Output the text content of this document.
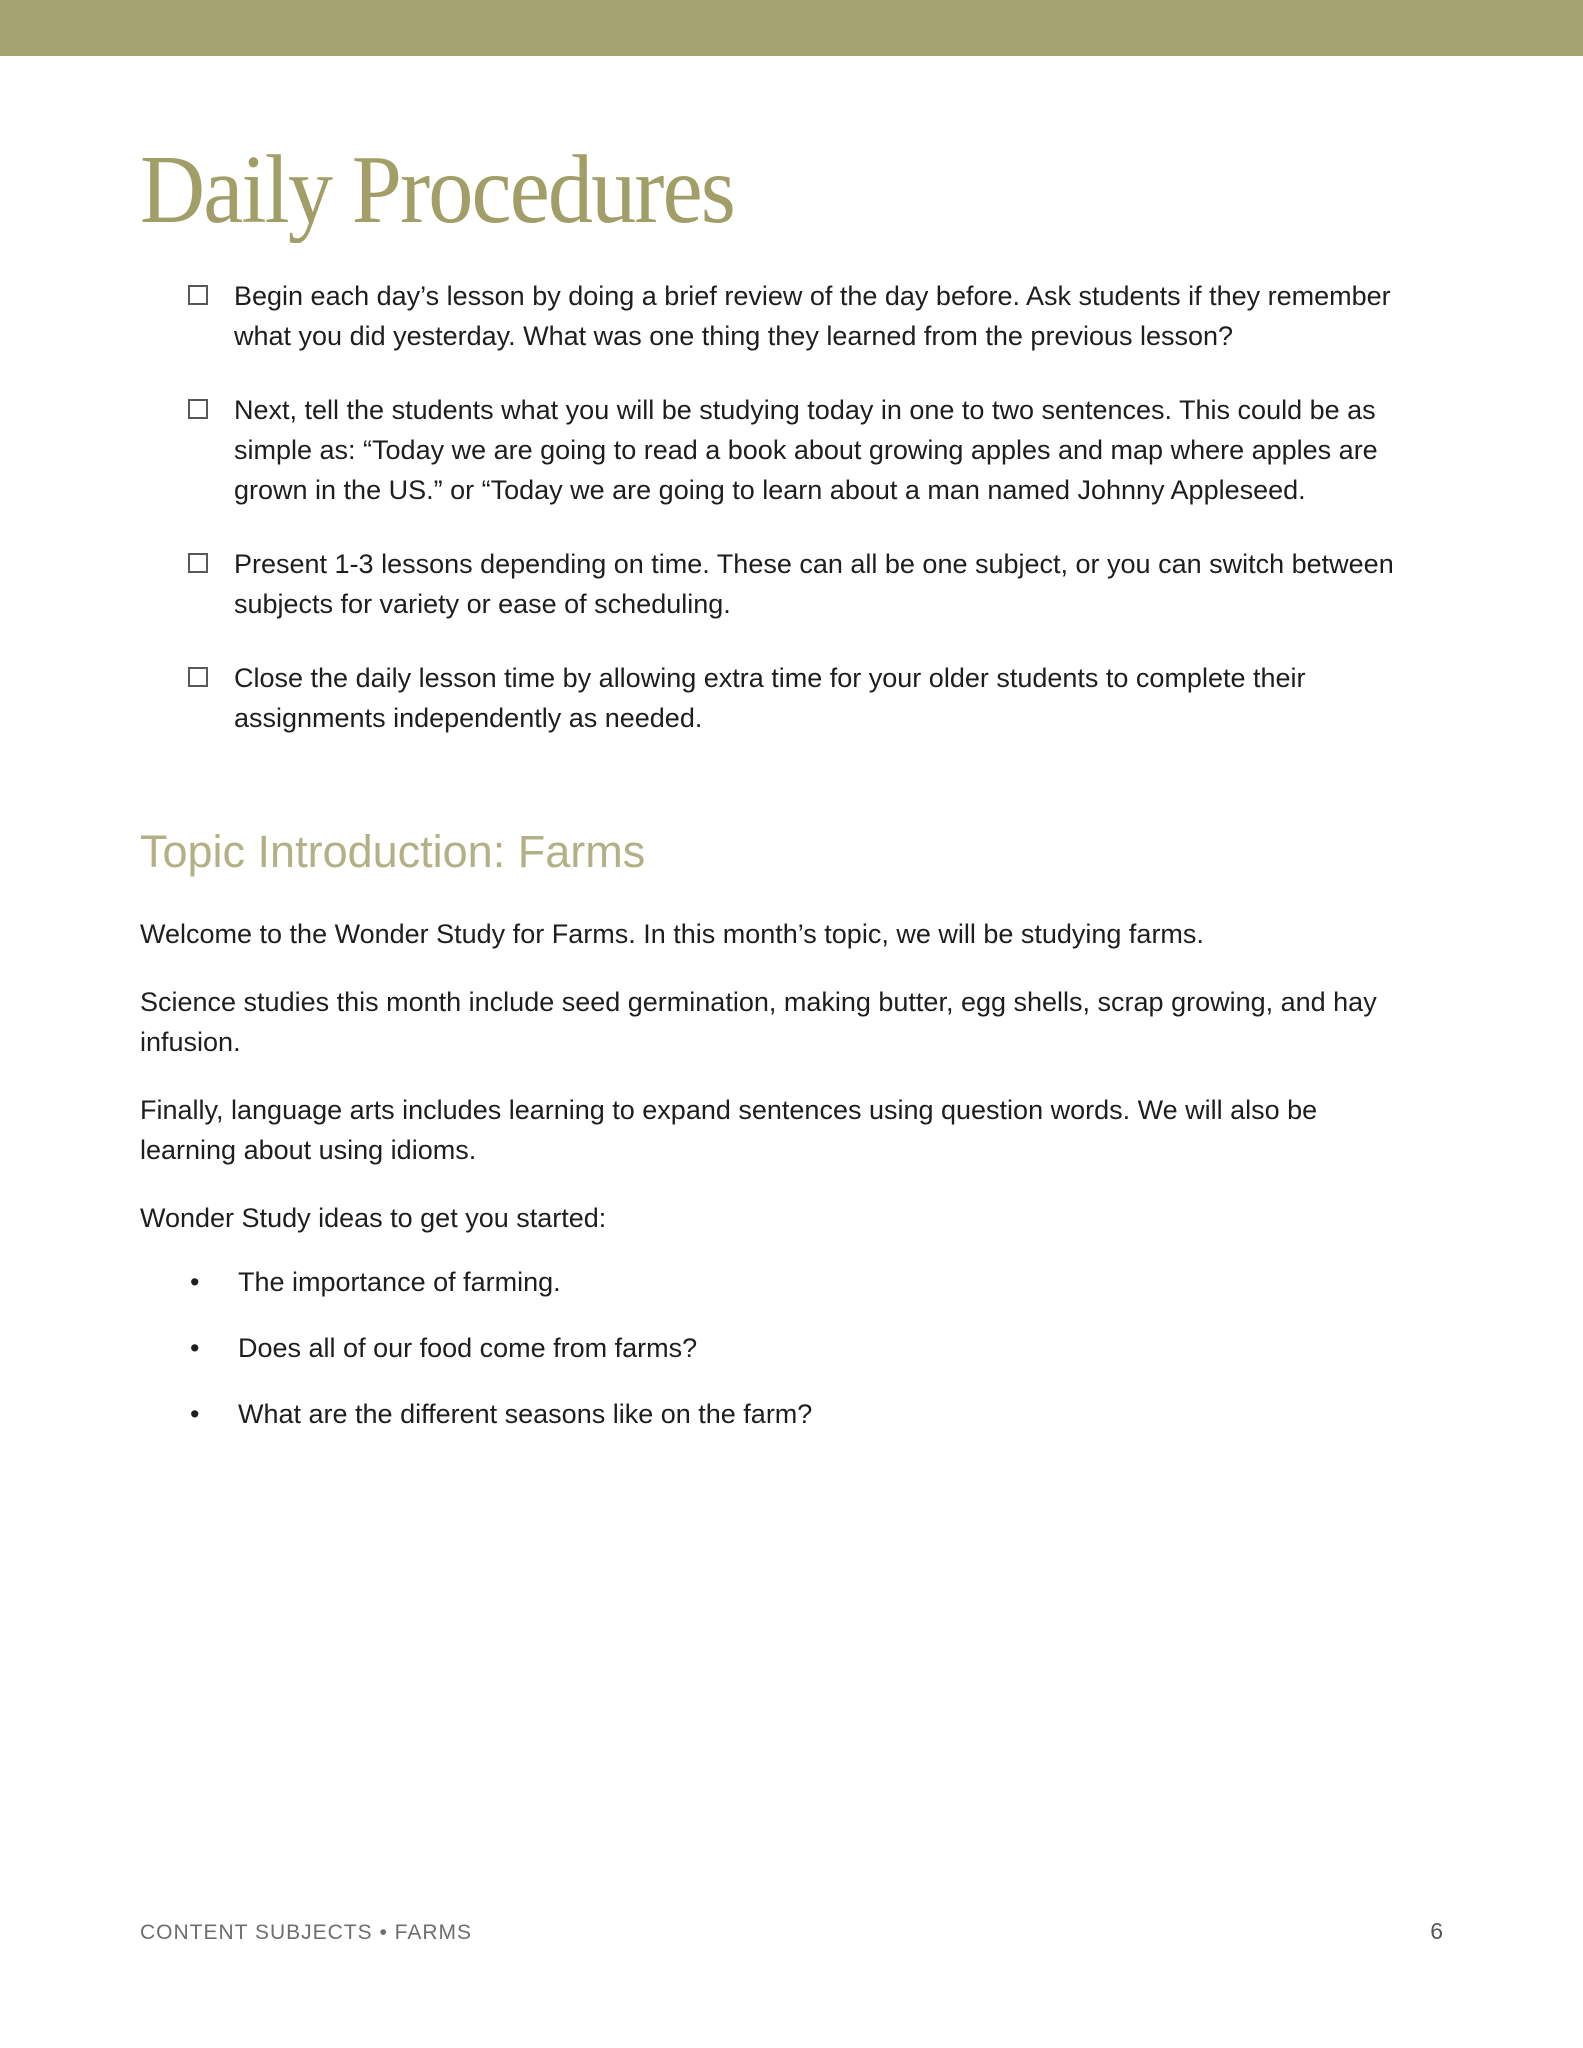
Daily Procedures
Begin each day’s lesson by doing a brief review of the day before. Ask students if they remember what you did yesterday. What was one thing they learned from the previous lesson?
Next, tell the students what you will be studying today in one to two sentences. This could be as simple as: “Today we are going to read a book about growing apples and map where apples are grown in the US.” or “Today we are going to learn about a man named Johnny Appleseed.
Present 1-3 lessons depending on time. These can all be one subject, or you can switch between subjects for variety or ease of scheduling.
Close the daily lesson time by allowing extra time for your older students to complete their assignments independently as needed.
Topic Introduction: Farms

Welcome to the Wonder Study for Farms. In this month’s topic, we will be studying farms.

Science studies this month include seed germination, making butter, egg shells, scrap growing, and hay infusion.

Finally, language arts includes learning to expand sentences using question words. We will also be learning about using idioms.

Wonder Study ideas to get you started:

•	The importance of farming.
•	Does all of our food come from farms?
•	What are the different seasons like on the farm?
CONTENT SUBJECTS • FARMS	6
